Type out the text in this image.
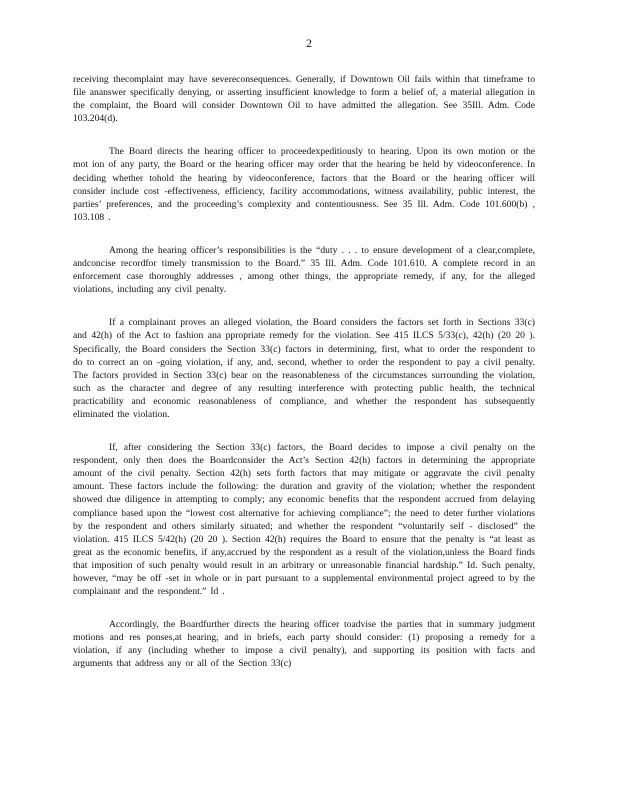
2

receiving thecomplaint may have severeconsequences. Generally, if Downtown Oil fails within that timeframe to file ananswer specifically denying, or asserting insufficient knowledge to form a belief of, a material allegation in the complaint, the Board will consider Downtown Oil to have admitted the allegation. See 35Ill. Adm. Code 103.204(d).

The Board directs the hearing officer to proceedexpeditiously to hearing. Upon its own motion or the mot ion of any party, the Board or the hearing officer may order that the hearing be held by videoconference. In deciding whether tohold the hearing by videoconference, factors that the Board or the hearing officer will consider include cost -effectiveness, efficiency, facility accommodations, witness availability, public interest, the parties’ preferences, and the proceeding’s complexity and contentiousness. See 35 Ill. Adm. Code 101.600(b) , 103.108 .

Among the hearing officer’s responsibilities is the “duty . . . to ensure development of a clear,complete, andconcise recordfor timely transmission to the Board.” 35 Ill. Adm. Code 101.610. A complete record in an enforcement case thoroughly addresses , among other things, the appropriate remedy, if any, for the alleged violations, including any civil penalty.

If a complainant proves an alleged violation, the Board considers the factors set forth in Sections 33(c) and 42(h) of the Act to fashion ana ppropriate remedy for the violation. See 415 ILCS 5/33(c), 42(h) (20 20 ). Specifically, the Board considers the Section 33(c) factors in determining, first, what to order the respondent to do to correct an on -going violation, if any, and, second, whether to order the respondent to pay a civil penalty. The factors provided in Section 33(c) bear on the reasonableness of the circumstances surrounding the violation, such as the character and degree of any resulting interference with protecting public health, the technical practicability and economic reasonableness of compliance, and whether the respondent has subsequently eliminated the violation.

If, after considering the Section 33(c) factors, the Board decides to impose a civil penalty on the respondent, only then does the Boardconsider the Act’s Section 42(h) factors in determining the appropriate amount of the civil penalty. Section 42(h) sets forth factors that may mitigate or aggravate the civil penalty amount. These factors include the following: the duration and gravity of the violation; whether the respondent showed due diligence in attempting to comply; any economic benefits that the respondent accrued from delaying compliance based upon the “lowest cost alternative for achieving compliance”; the need to deter further violations by the respondent and others similarly situated; and whether the respondent “voluntarily self - disclosed” the violation. 415 ILCS 5/42(h) (20 20 ). Section 42(h) requires the Board to ensure that the penalty is “at least as great as the economic benefits, if any,accrued by the respondent as a result of the violation,unless the Board finds that imposition of such penalty would result in an arbitrary or unreasonable financial hardship.” Id. Such penalty, however, “may be off -set in whole or in part pursuant to a supplemental environmental project agreed to by the complainant and the respondent.” Id .

Accordingly, the Boardfurther directs the hearing officer toadvise the parties that in summary judgment motions and res ponses,at hearing, and in briefs, each party should consider: (1) proposing a remedy for a violation, if any (including whether to impose a civil penalty), and supporting its position with facts and arguments that address any or all of the Section 33(c)
